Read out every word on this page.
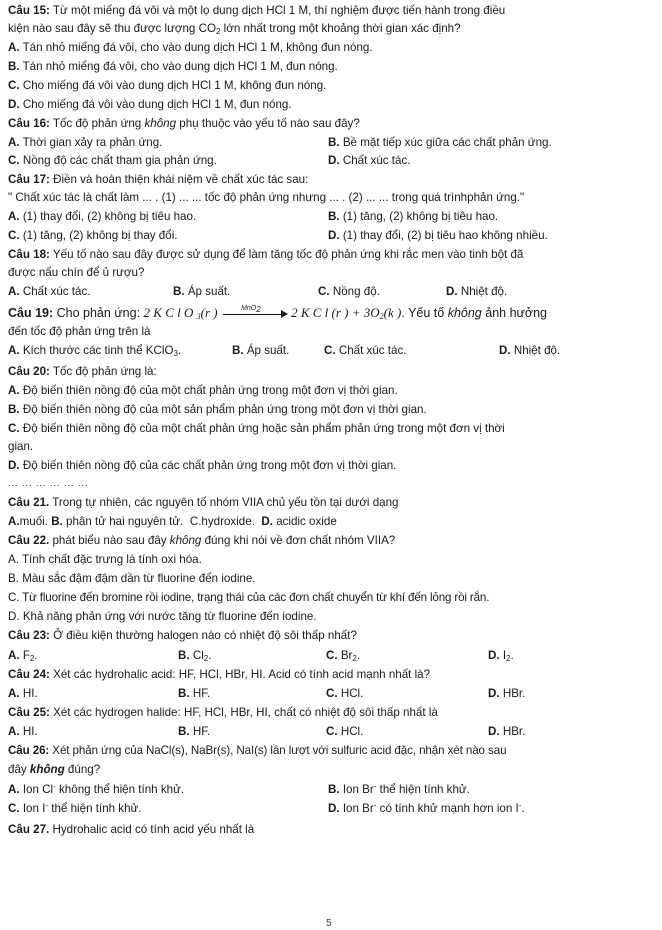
Câu 15: Từ một miếng đá vôi và một lọ dung dịch HCl 1 M, thí nghiệm được tiến hành trong điều
kiện nào sau đây sẽ thu được lượng $CO_2$ lớn nhất trong một khoảng thời gian xác định?
A. Tán nhỏ miếng đá vôi, cho vào dung dịch HCl 1 M, không đun nóng.
B. Tán nhỏ miếng đá vôi, cho vào dung dịch HCl 1 M, đun nóng.
C. Cho miếng đá vôi vào dung dịch HCl 1 M, không đun nóng.
D. Cho miếng đá vôi vào dung dịch HCl 1 M, đun nóng.
Câu 16: Tốc độ phản ứng không phụ thuộc vào yếu tố nào sau đây?
A. Thời gian xảy ra phản ứng.	B. Bề mặt tiếp xúc giữa các chất phản ứng.
C. Nồng độ các chất tham gia phản ứng.	D. Chất xúc tác.
Câu 17: Điền và hoàn thiện khái niệm về chất xúc tác sau:
" Chất xúc tác là chất làm ... . (1) ... ... tốc độ phản ứng nhưng ... . (2) ... ... trong quá trìnhphản ứng."
A. (1) thay đổi, (2) không bị tiêu hao.	B. (1) tăng, (2) không bị tiêu hao.
C. (1) tăng, (2) không bị thay đổi.	D. (1) thay đổi, (2) bị tiêu hao không nhiều.
Câu 18: Yếu tố nào sau đây được sử dụng để làm tăng tốc độ phản ứng khi rắc men vào tinh bột đã
được nấu chín để ủ rượu?
A. Chất xúc tác.	B. Áp suất.	C. Nồng độ.	D. Nhiệt độ.
Câu 19: Cho phản ứng: 2 K C l O $_3$(r )	MnO$_2$ 2 K C l (r ) + $3O_2(k$ ). Yếu tố không ảnh hưởng
đến tốc độ phản ứng trên là
A. Kích thước các tinh thể KClO$_3$.	B. Áp suất.	C. Chất xúc tác.	D. Nhiệt độ.
Câu 20: Tốc độ phản ứng là:
A. Độ biến thiên nồng độ của một chất phản ứng trong một đơn vị thời gian.
B. Độ biến thiên nồng độ của một sản phẩm phản ứng trong một đơn vị thời gian.
C. Độ biến thiên nồng độ của một chất phản ứng hoặc sản phẩm phản ứng trong một đơn vị thời
gian.
D. Độ biến thiên nồng độ của các chất phản ứng trong một đơn vị thời gian.
... ... ... ... ... ...
Câu 21. Trong tự nhiên, các nguyên tố nhóm VIIA chủ yếu tồn tại dưới dạng
A.muối. B. phân tử hai nguyên tử. C.hydroxide. D. acidic oxide
Câu 22. phát biểu nào sau đây không đúng khi nói về đơn chất nhóm VIIA?
A. Tính chất đặc trưng là tính oxi hóa.
B. Màu sắc đậm đậm dần từ fluorine đến iodine.
C. Từ fluorine đến bromine rồi iodine, trạng thái của các đơn chất chuyển từ khí đến lỏng rồi rắn.
D. Khả năng phản ứng với nước tăng từ fluorine đến iodine.
Câu 23: Ở điều kiện thường halogen nào có nhiệt độ sôi thấp nhất?
A. $F_2$.	B. $Cl_2$.	C. $Br_2$.	D. $I_2$.
Câu 24: Xét các hydrohalic acid: HF, HCl, HBr, HI. Acid có tính acid mạnh nhất là?
A. HI.	B. HF.	C. HCl.	D. HBr.
Câu 25: Xét các hydrogen halide: HF, HCl, HBr, HI, chất có nhiệt độ sôi thấp nhất là
A. HI.	B. HF.	C. HCl.	D. HBr.
Câu 26: Xét phản ứng của NaCl(s), NaBr(s), NaI(s) lần lượt với sulfuric acid đặc, nhận xét nào sau
đây không đúng?
A. Ion Cl- không thể hiện tính khử.	B. Ion Br- thể hiện tính khử.
C. Ion I- thể hiện tính khử.	D. Ion Br- có tính khử mạnh hơn ion I-.
Câu 27. Hydrohalic acid có tính acid yếu nhất là
5
